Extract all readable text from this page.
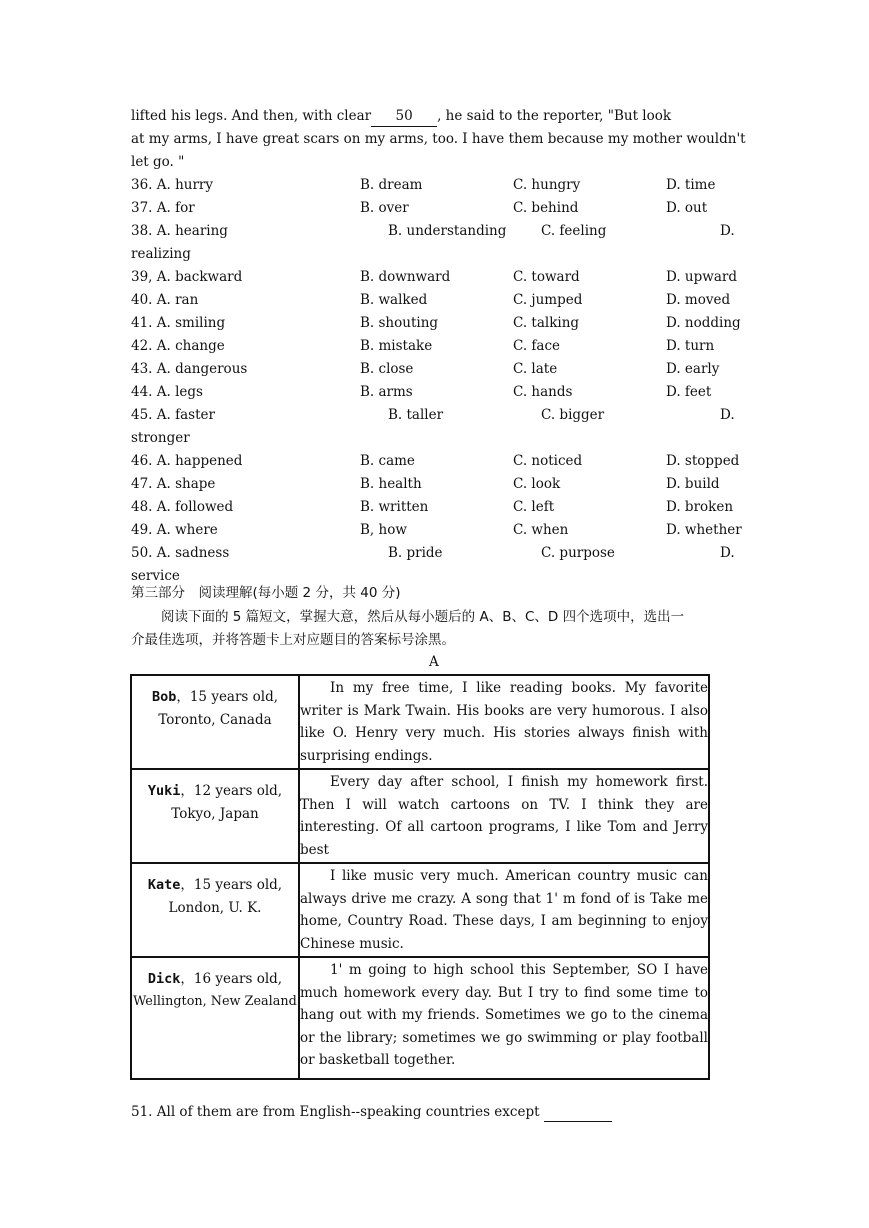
lifted his legs. And then, with clear 50 , he said to the reporter, "But look
at my arms, I have great scars on my arms, too. I have them because my mother wouldn't
let go. "
36. A. hurry	B. dream	C. hungry	D. time
37. A. for	B. over	C. behind	D. out
38. A. hearing	B. understanding	C. feeling	D.
realizing
39, A. backward	B. downward	C. toward	D. upward
40. A. ran	B. walked	C. jumped	D. moved
41. A. smiling	B. shouting	C. talking	D. nodding
42. A. change	B. mistake	C. face	D. turn
43. A. dangerous	B. close	C. late	D. early
44. A. legs	B. arms	C. hands	D. feet
45. A. faster	B. taller	C. bigger	D.
stronger
46. A. happened	B. came	C. noticed	D. stopped
47. A. shape	B. health	C. look	D. build
48. A. followed	B. written	C. left	D. broken
49. A. where	B, how	C. when	D. whether
50. A. sadness	B. pride	C. purpose	D.
service
第三部分　阅读理解(每小题 2 分，共 40 分)
阅读下面的 5 篇短文，掌握大意，然后从每小题后的 A、B、C、D 四个选项中，选出一
介最佳选项，并将答题卡上对应题目的答案标号涂黑。
A
Bob，15 years old,
Toronto, Canada	In my free time, I like reading books. My favorite writer is Mark Twain. His books are very humorous. I also like O. Henry very much. His stories always finish with surprising endings.

Yuki，12 years old,
Tokyo, Japan	Every day after school, I finish my homework first. Then I will watch cartoons on TV. I think they are interesting. Of all cartoon programs, I like Tom and Jerry best

Kate，15 years old,
London, U. K.	I like music very much. American country music can always drive me crazy. A song that 1' m fond of is Take me home, Country Road. These days, I am beginning to enjoy Chinese music.

Dick，16 years old,
Wellington, New Zealand	1' m going to high school this September, SO I have much homework every day. But I try to find some time to hang out with my friends. Sometimes we go to the cinema or the library; sometimes we go swimming or play football or basketball together.
51. All of them are from English--speaking countries except
